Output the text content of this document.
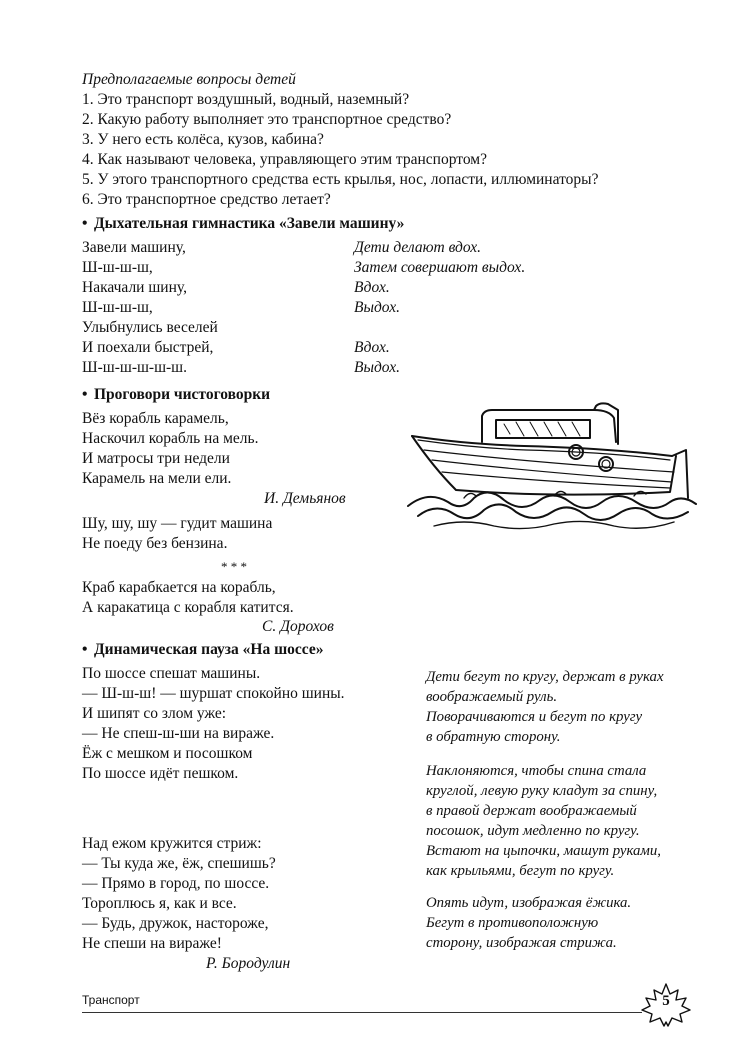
Предполагаемые вопросы детей
1. Это транспорт воздушный, водный, наземный?
2. Какую работу выполняет это транспортное средство?
3. У него есть колёса, кузов, кабина?
4. Как называют человека, управляющего этим транспортом?
5. У этого транспортного средства есть крылья, нос, лопасти, иллюминаторы?
6. Это транспортное средство летает?
• Дыхательная гимнастика «Завели машину»
Завели машину,	Дети делают вдох.
Ш-ш-ш-ш,	Затем совершают выдох.
Накачали шину,	Вдох.
Ш-ш-ш-ш,	Выдох.
Улыбнулись веселей
И поехали быстрей,	Вдох.
Ш-ш-ш-ш-ш-ш.	Выдох.
• Проговори чистоговорки
Вёз корабль карамель,
Наскочил корабль на мель.
И матросы три недели
Карамель на мели ели.
И. Демьянов
Шу, шу, шу — гудит машина
Не поеду без бензина.
* * *
Краб карабкается на корабль,
А каракатица с корабля катится.
С. Дорохов
• Динамическая пауза «На шоссе»
По шоссе спешат машины.
— Ш-ш-ш! — шуршат спокойно шины.
И шипят со злом уже:
— Не спеш-ш-ши на вираже.
Ёж с мешком и посошком
По шоссе идёт пешком.
Над ежом кружится стриж:
— Ты куда же, ёж, спешишь?
— Прямо в город, по шоссе.
Тороплюсь я, как и все.
— Будь, дружок, настороже,
Не спеши на вираже!
Р. Бородулин
Дети бегут по кругу, держат в руках
воображаемый руль.
Поворачиваются и бегут по кругу
в обратную сторону.
Наклоняются, чтобы спина стала
круглой, левую руку кладут за спину,
в правой держат воображаемый
посошок, идут медленно по кругу.
Встают на цыпочки, машут руками,
как крыльями, бегут по кругу.
Опять идут, изображая ёжика.
Бегут в противоположную
сторону, изображая стрижа.
Транспорт	5
